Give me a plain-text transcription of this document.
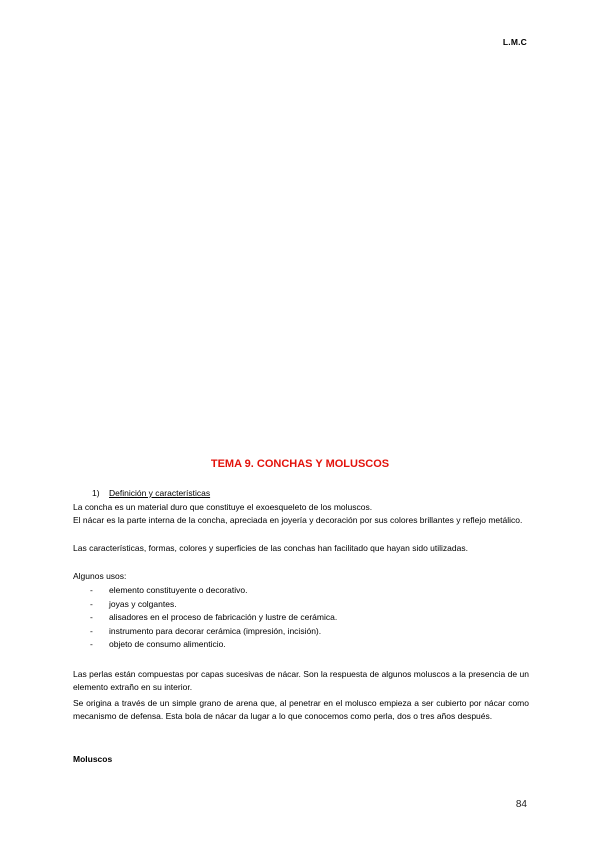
L.M.C
TEMA 9. CONCHAS Y MOLUSCOS
1) Definición y características
La concha es un material duro que constituye el exoesqueleto de los moluscos.
El nácar es la parte interna de la concha, apreciada en joyería y decoración por sus colores brillantes y reflejo metálico.
Las características, formas, colores y superficies de las conchas han facilitado que hayan sido utilizadas.
Algunos usos:
- elemento constituyente o decorativo.
- joyas y colgantes.
- alisadores en el proceso de fabricación y lustre de cerámica.
- instrumento para decorar cerámica (impresión, incisión).
- objeto de consumo alimenticio.
Las perlas están compuestas por capas sucesivas de nácar. Son la respuesta de algunos moluscos a la presencia de un elemento extraño en su interior.
Se origina a través de un simple grano de arena que, al penetrar en el molusco empieza a ser cubierto por nácar como mecanismo de defensa. Esta bola de nácar da lugar a lo que conocemos como perla, dos o tres años después.
Moluscos
84
